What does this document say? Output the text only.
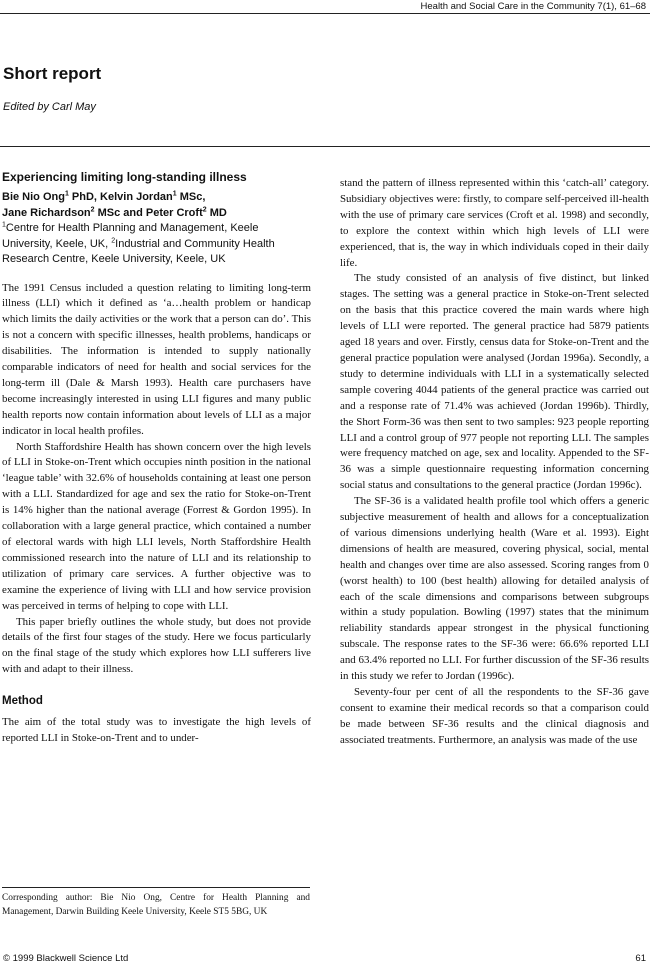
Health and Social Care in the Community 7(1), 61–68
Short report
Edited by Carl May
Experiencing limiting long-standing illness

Bie Nio Ong$^1$ PhD, Kelvin Jordan$^1$ MSc,
Jane Richardson$^2$ MSc and Peter Croft$^2$ MD

$^1$Centre for Health Planning and Management, Keele University, Keele, UK, $^2$Industrial and Community Health Research Centre, Keele University, Keele, UK

The 1991 Census included a question relating to limiting long-term illness (LLI) which it defined as ‘a…health problem or handicap which limits the daily activities or the work that a person can do’. This is not a concern with specific illnesses, health problems, handicaps or disabilities. The information is intended to supply nationally comparable indicators of need for health and social services for the long-term ill (Dale & Marsh 1993). Health care purchasers have become increasingly interested in using LLI figures and many public health reports now contain information about levels of LLI as a major indicator in local health profiles.

North Staffordshire Health has shown concern over the high levels of LLI in Stoke-on-Trent which occupies ninth position in the national ‘league table’ with 32.6% of households containing at least one person with a LLI. Standardized for age and sex the ratio for Stoke-on-Trent is 14% higher than the national average (Forrest & Gordon 1995). In collaboration with a large general practice, which contained a number of electoral wards with high LLI levels, North Staffordshire Health commissioned research into the nature of LLI and its relationship to utilization of primary care services. A further objective was to examine the experience of living with LLI and how service provision was perceived in terms of helping to cope with LLI.

This paper briefly outlines the whole study, but does not provide details of the first four stages of the study. Here we focus particularly on the final stage of the study which explores how LLI sufferers live with and adapt to their illness.

Method

The aim of the total study was to investigate the high levels of reported LLI in Stoke-on-Trent and to under-

stand the pattern of illness represented within this ‘catch-all’ category. Subsidiary objectives were: firstly, to compare self-perceived ill-health with the use of primary care services (Croft et al. 1998) and secondly, to explore the context within which high levels of LLI were experienced, that is, the way in which individuals coped in their daily life.

The study consisted of an analysis of five distinct, but linked stages. The setting was a general practice in Stoke-on-Trent selected on the basis that this practice covered the main wards where high levels of LLI were reported. The general practice had 5879 patients aged 18 years and over. Firstly, census data for Stoke-on-Trent and the general practice population were analysed (Jordan 1996a). Secondly, a study to determine individuals with LLI in a systematically selected sample covering 4044 patients of the general practice was carried out and a response rate of 71.4% was achieved (Jordan 1996b). Thirdly, the Short Form-36 was then sent to two samples: 923 people reporting LLI and a control group of 977 people not reporting LLI. The samples were frequency matched on age, sex and locality. Appended to the SF-36 was a simple questionnaire requesting information concerning social status and consultations to the general practice (Jordan 1996c).

The SF-36 is a validated health profile tool which offers a generic subjective measurement of health and allows for a conceptualization of various dimensions underlying health (Ware et al. 1993). Eight dimensions of health are measured, covering physical, social, mental health and changes over time are also assessed. Scoring ranges from 0 (worst health) to 100 (best health) allowing for detailed analysis of each of the scale dimensions and comparisons between subgroups within a study population. Bowling (1997) states that the minimum reliability standards appear strongest in the physical functioning subscale. The response rates to the SF-36 were: 66.6% reported LLI and 63.4% reported no LLI. For further discussion of the SF-36 results in this study we refer to Jordan (1996c).

Seventy-four per cent of all the respondents to the SF-36 gave consent to examine their medical records so that a comparison could be made between SF-36 results and the clinical diagnosis and associated treatments. Furthermore, an analysis was made of the use

Corresponding author: Bie Nio Ong, Centre for Health Planning and Management, Darwin Building Keele University, Keele ST5 5BG, UK
© 1999 Blackwell Science Ltd	61
